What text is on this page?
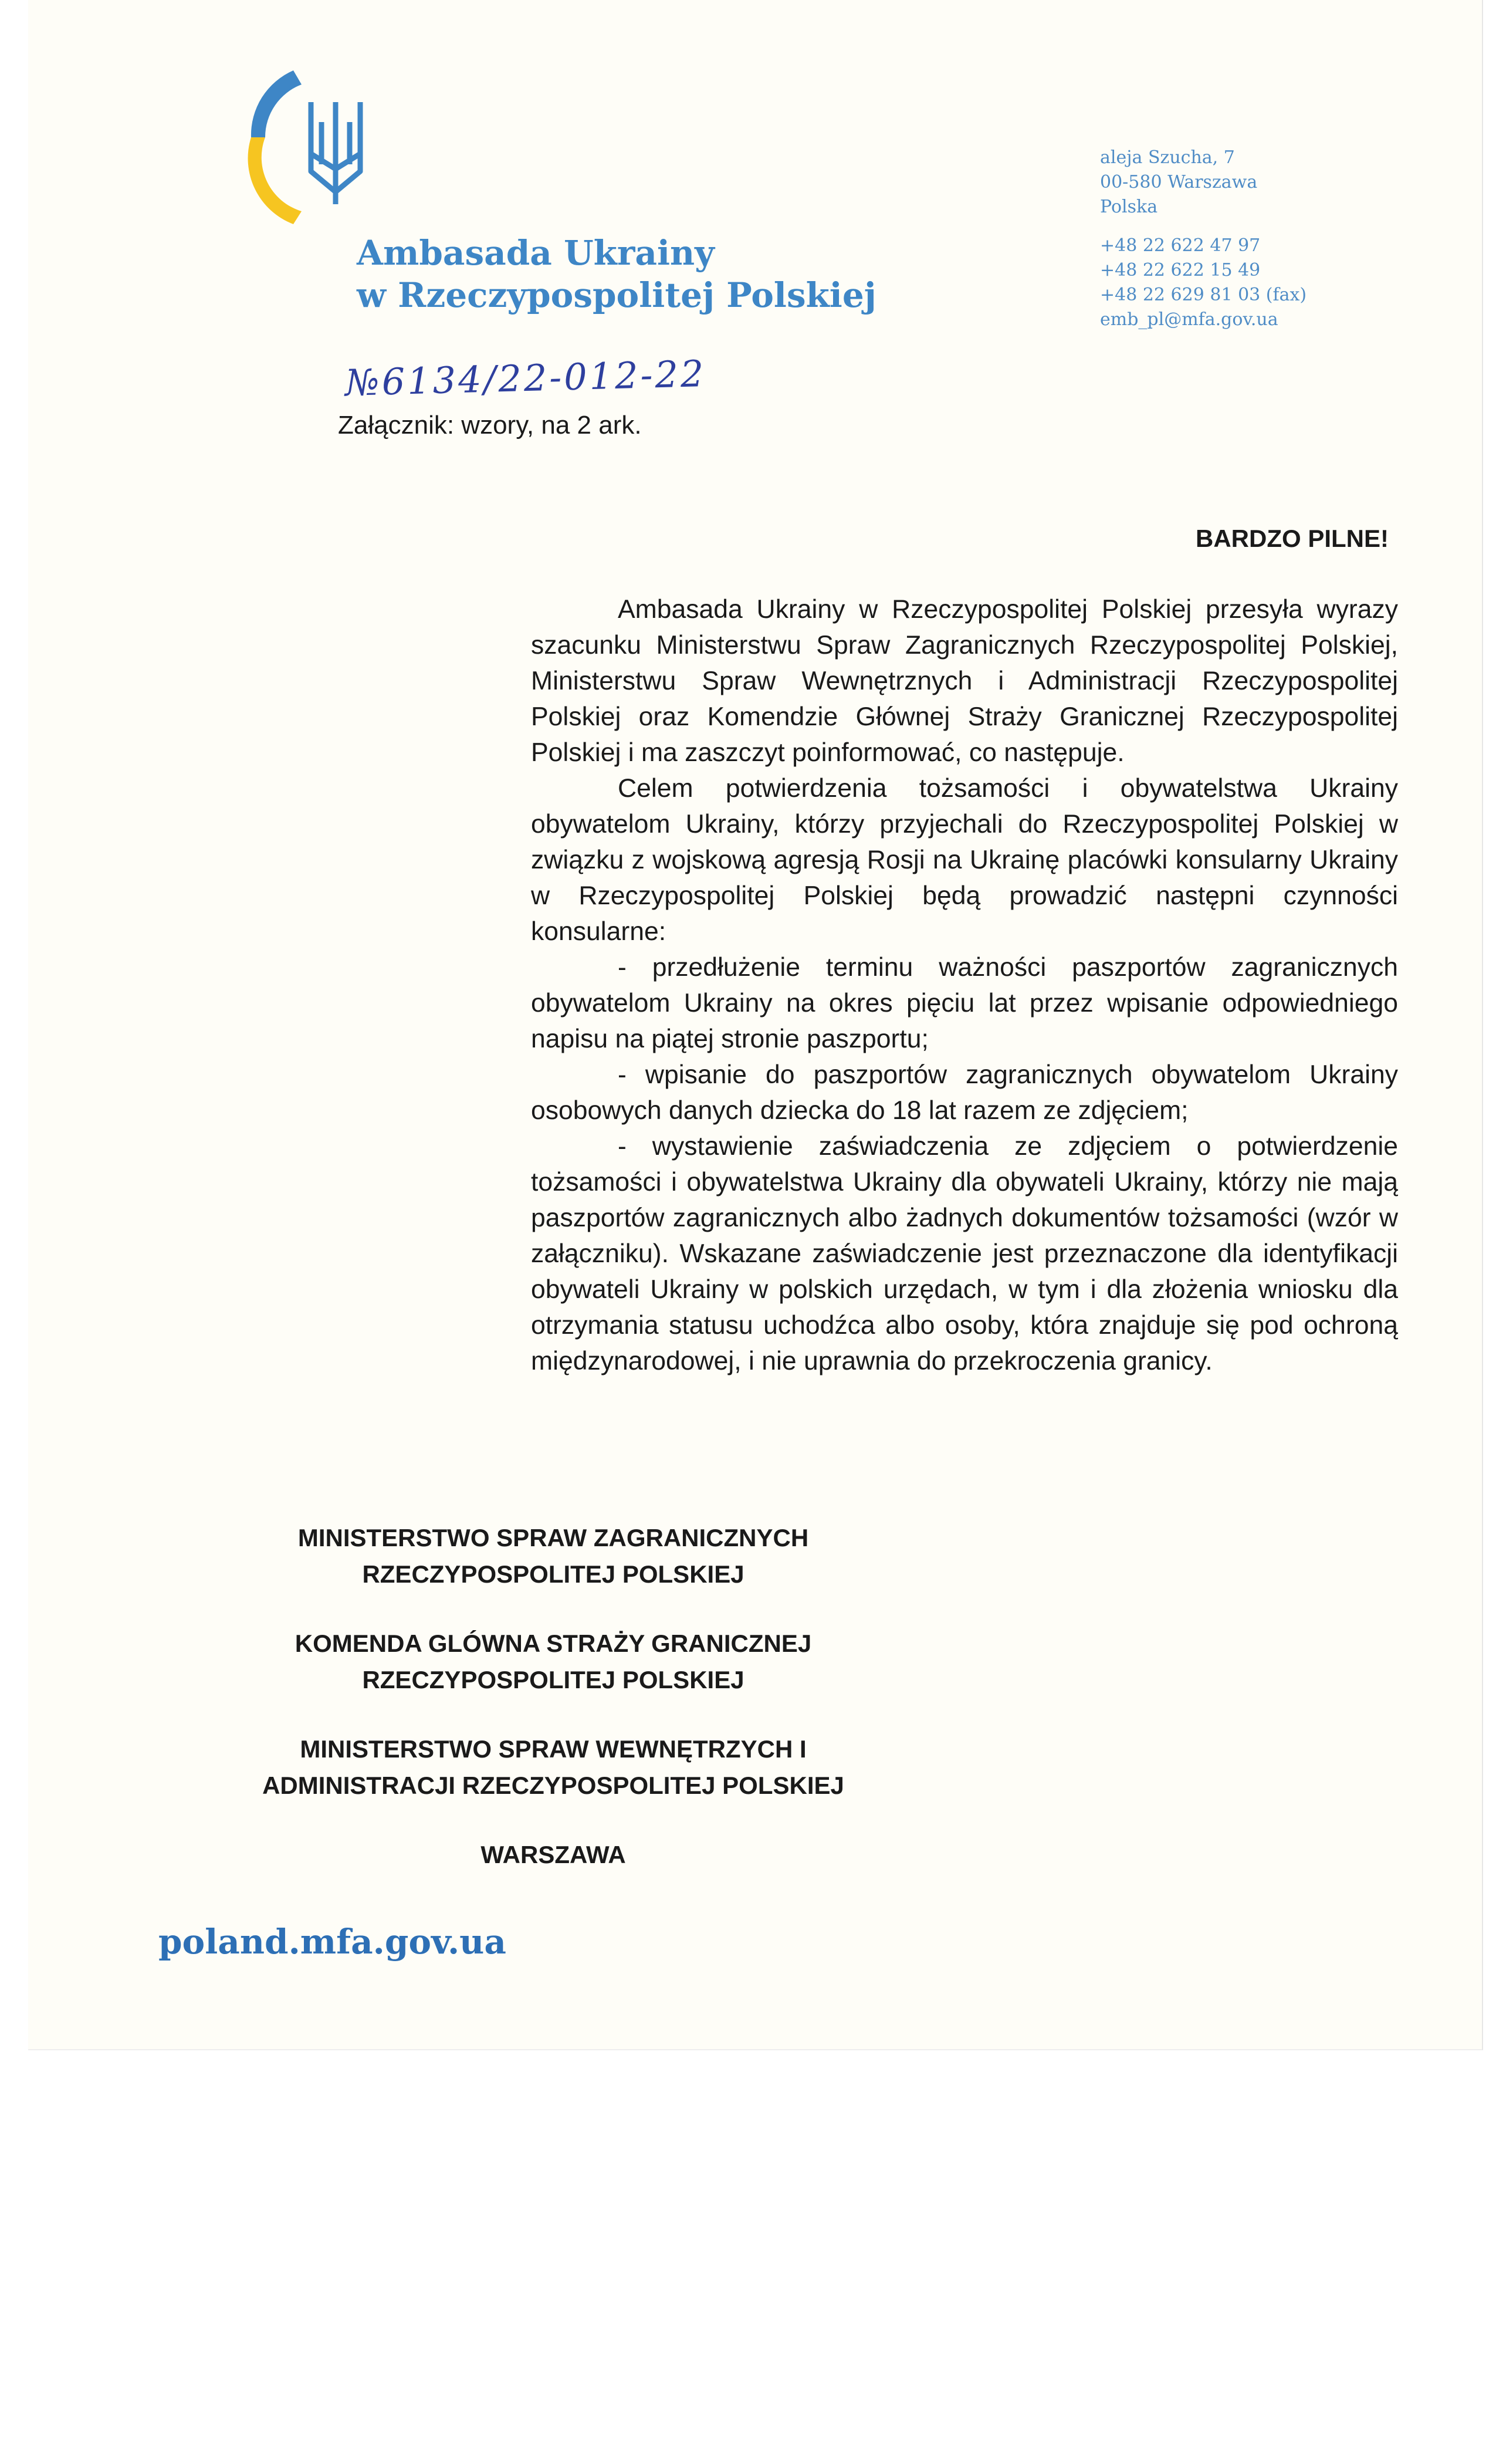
Ambasada Ukrainy
w Rzeczypospolitej Polskiej
aleja Szucha, 7
00-580 Warszawa
Polska
+48 22 622 47 97
+48 22 622 15 49
+48 22 629 81 03 (fax)
emb_pl@mfa.gov.ua
№6134/22-012-22
Załącznik: wzory, na 2 ark.
BARDZO PILNE!

Ambasada Ukrainy w Rzeczypospolitej Polskiej przesyła wyrazy szacunku Ministerstwu Spraw Zagranicznych Rzeczypospolitej Polskiej, Ministerstwu Spraw Wewnętrznych i Administracji Rzeczypospolitej Polskiej oraz Komendzie Głównej Straży Granicznej Rzeczypospolitej Polskiej i ma zaszczyt poinformować, co następuje.

Celem potwierdzenia tożsamości i obywatelstwa Ukrainy obywatelom Ukrainy, którzy przyjechali do Rzeczypospolitej Polskiej w związku z wojskową agresją Rosji na Ukrainę placówki konsularny Ukrainy w Rzeczypospolitej Polskiej będą prowadzić następni czynności konsularne:

- przedłużenie terminu ważności paszportów zagranicznych obywatelom Ukrainy na okres pięciu lat przez wpisanie odpowiedniego napisu na piątej stronie paszportu;

- wpisanie do paszportów zagranicznych obywatelom Ukrainy osobowych danych dziecka do 18 lat razem ze zdjęciem;

- wystawienie zaświadczenia ze zdjęciem o potwierdzenie tożsamości i obywatelstwa Ukrainy dla obywateli Ukrainy, którzy nie mają paszportów zagranicznych albo żadnych dokumentów tożsamości (wzór w załączniku). Wskazane zaświadczenie jest przeznaczone dla identyfikacji obywateli Ukrainy w polskich urzędach, w tym i dla złożenia wniosku dla otrzymania statusu uchodźca albo osoby, która znajduje się pod ochroną międzynarodowej, i nie uprawnia do przekroczenia granicy.

MINISTERSTWO SPRAW ZAGRANICZNYCH
RZECZYPOSPOLITEJ POLSKIEJ
KOMENDA GLÓWNA STRAŻY GRANICZNEJ
RZECZYPOSPOLITEJ POLSKIEJ
MINISTERSTWO SPRAW WEWNĘTRZYCH I
ADMINISTRACJI RZECZYPOSPOLITEJ POLSKIEJ
WARSZAWA
poland.mfa.gov.ua
